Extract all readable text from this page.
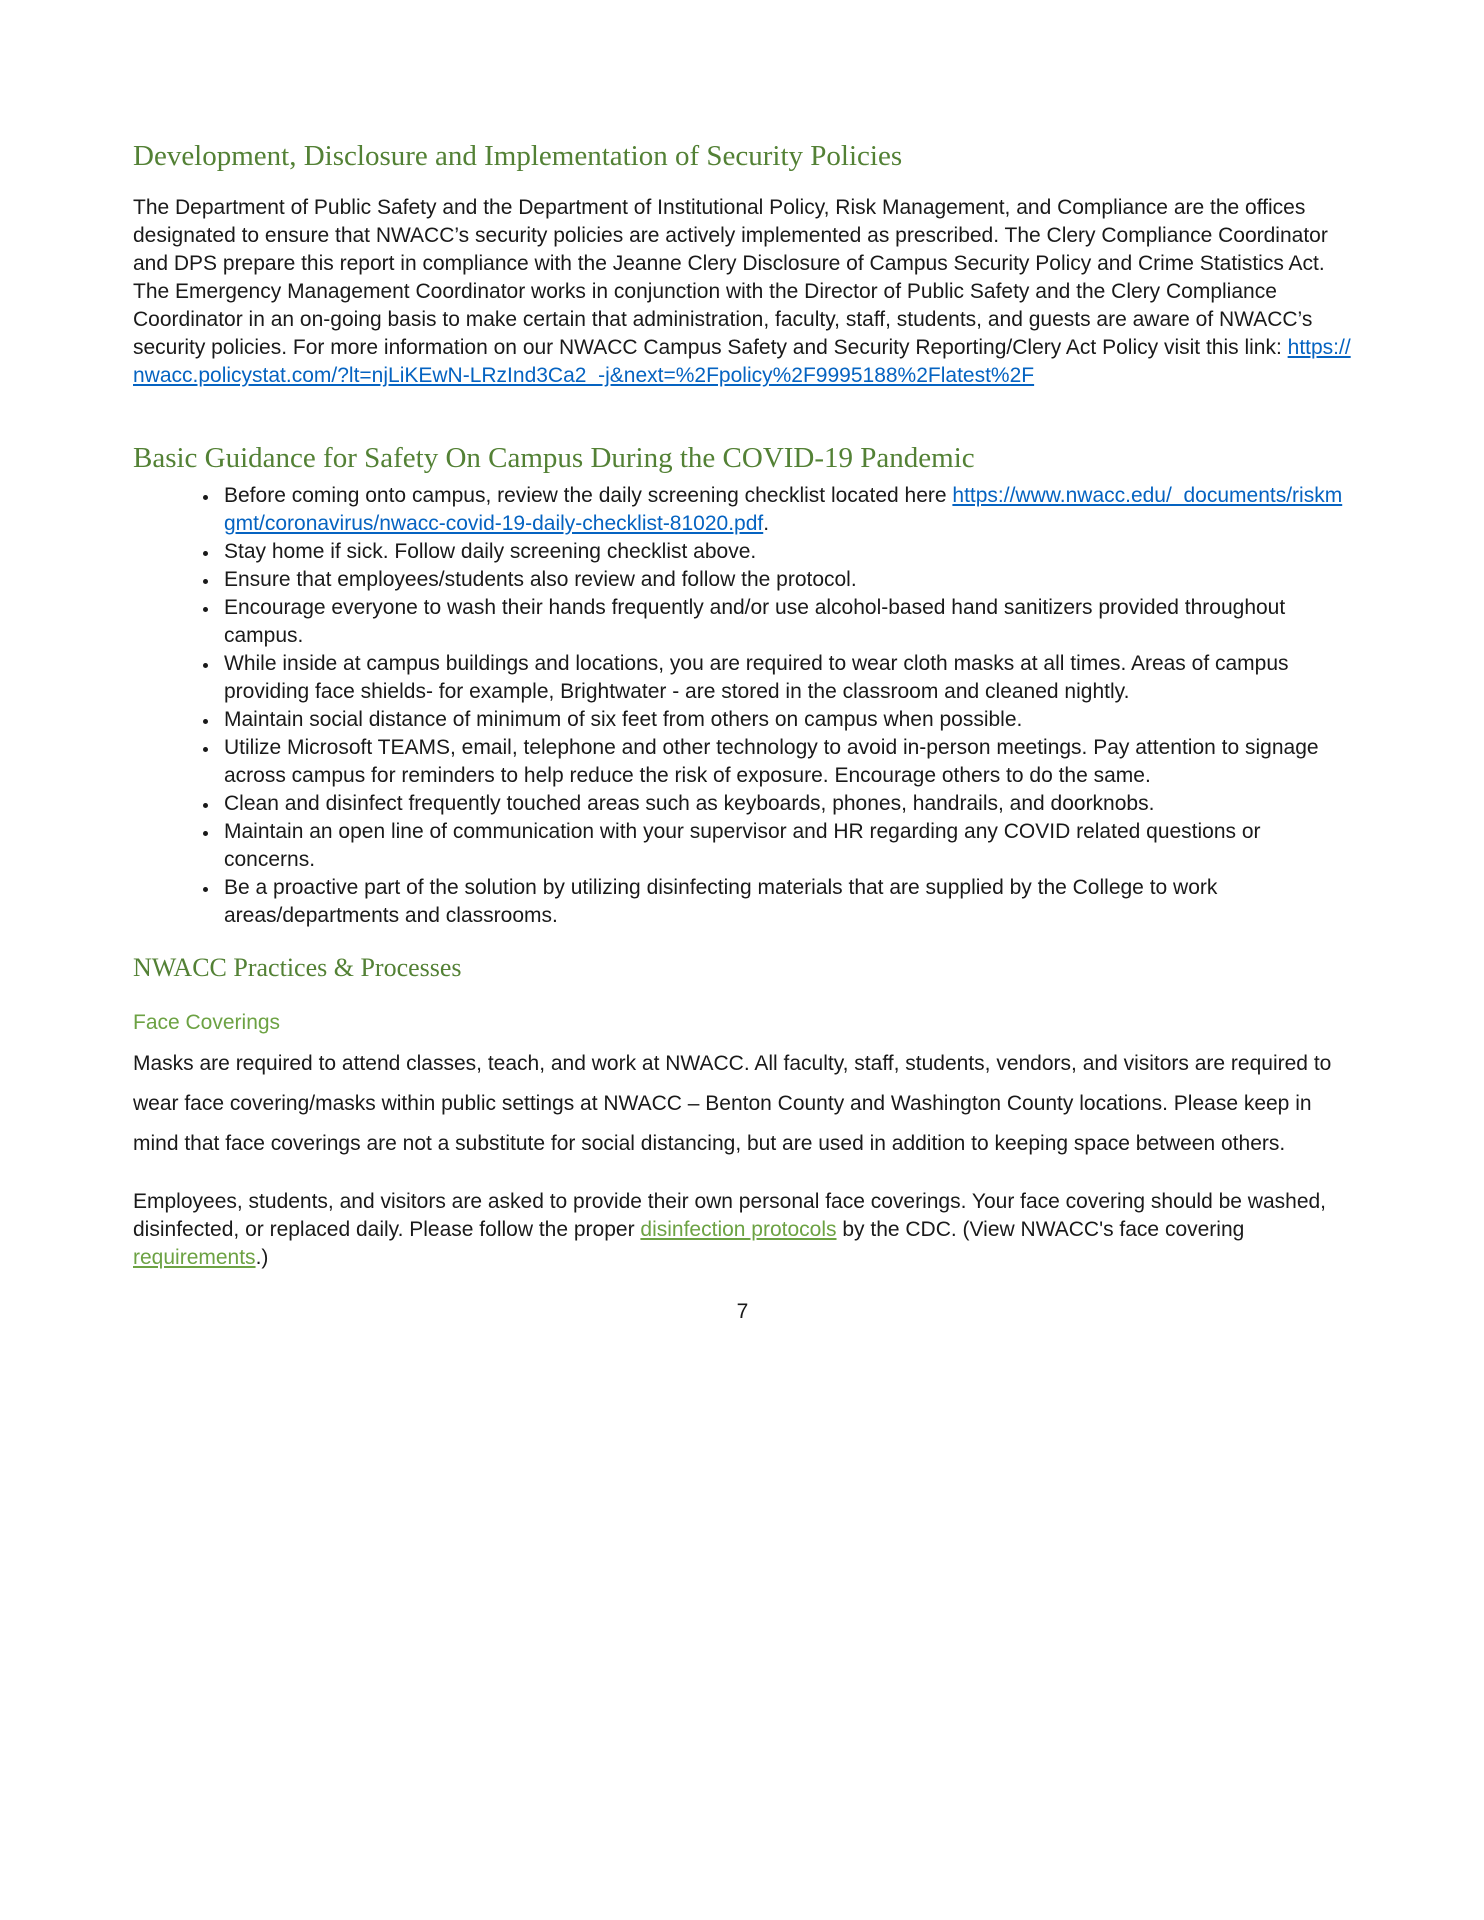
Development, Disclosure and Implementation of Security Policies

The Department of Public Safety and the Department of Institutional Policy, Risk Management, and Compliance are the offices designated to ensure that NWACC’s security policies are actively implemented as prescribed. The Clery Compliance Coordinator and DPS prepare this report in compliance with the Jeanne Clery Disclosure of Campus Security Policy and Crime Statistics Act. The Emergency Management Coordinator works in conjunction with the Director of Public Safety and the Clery Compliance Coordinator in an on-going basis to make certain that administration, faculty, staff, students, and guests are aware of NWACC’s security policies. For more information on our NWACC Campus Safety and Security Reporting/Clery Act Policy visit this link: https://nwacc.policystat.com/?lt=njLiKEwN-LRzInd3Ca2_-j&next=%2Fpolicy%2F9995188%2Flatest%2F

Basic Guidance for Safety On Campus During the COVID-19 Pandemic
• Before coming onto campus, review the daily screening checklist located here https://www.nwacc.edu/_documents/riskmgmt/coronavirus/nwacc-covid-19-daily-checklist-81020.pdf.
• Stay home if sick. Follow daily screening checklist above.
• Ensure that employees/students also review and follow the protocol.
• Encourage everyone to wash their hands frequently and/or use alcohol-based hand sanitizers provided throughout campus.
• While inside at campus buildings and locations, you are required to wear cloth masks at all times. Areas of campus providing face shields- for example, Brightwater - are stored in the classroom and cleaned nightly.
• Maintain social distance of minimum of six feet from others on campus when possible.
• Utilize Microsoft TEAMS, email, telephone and other technology to avoid in-person meetings. Pay attention to signage across campus for reminders to help reduce the risk of exposure. Encourage others to do the same.
• Clean and disinfect frequently touched areas such as keyboards, phones, handrails, and doorknobs.
• Maintain an open line of communication with your supervisor and HR regarding any COVID related questions or concerns.
• Be a proactive part of the solution by utilizing disinfecting materials that are supplied by the College to work areas/departments and classrooms.
NWACC Practices & Processes
Face Coverings

Masks are required to attend classes, teach, and work at NWACC. All faculty, staff, students, vendors, and visitors are required to wear face covering/masks within public settings at NWACC – Benton County and Washington County locations. Please keep in mind that face coverings are not a substitute for social distancing, but are used in addition to keeping space between others.

Employees, students, and visitors are asked to provide their own personal face coverings. Your face covering should be washed, disinfected, or replaced daily. Please follow the proper disinfection protocols by the CDC. (View NWACC's face covering requirements.)

7
